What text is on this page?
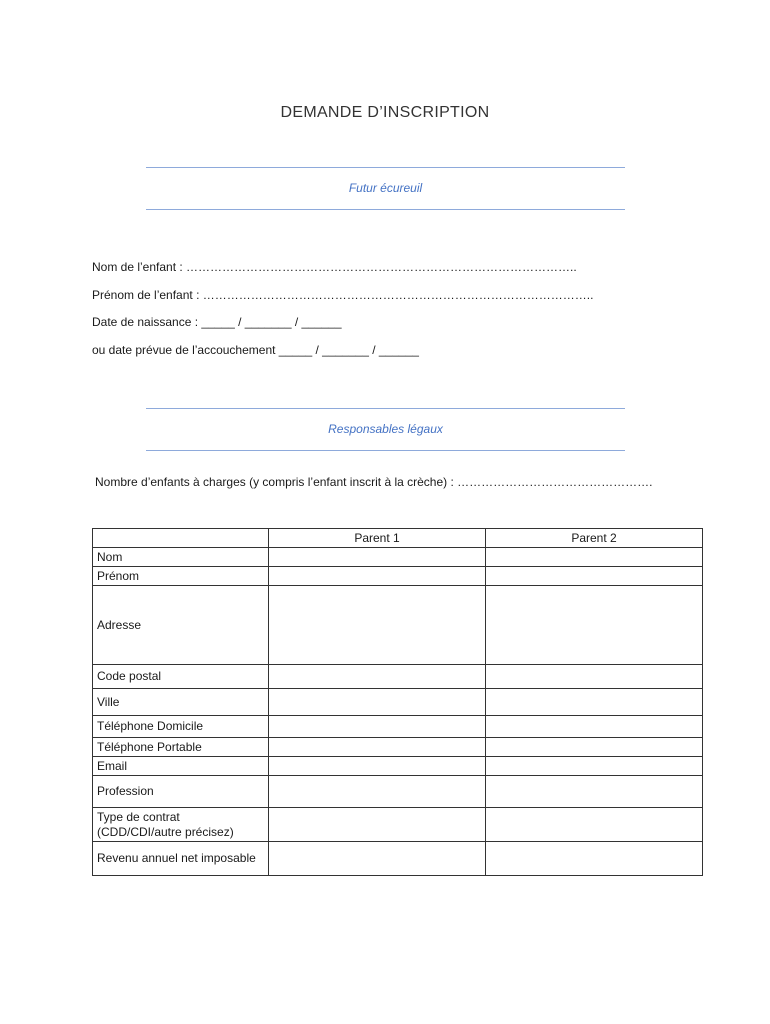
DEMANDE D’INSCRIPTION
Futur écureuil
Nom de l’enfant : ……………………………………………………………………………………..
Prénom de l’enfant : ……………………………………………………………………………………..
Date de naissance : _____ / _______ / ______
ou date prévue de l’accouchement _____ / _______ / ______
Responsables légaux
Nombre d’enfants à charges (y compris l’enfant inscrit à la crèche) : ………………………………………….
	Parent 1	Parent 2
Nom		
Prénom		
Adresse		
Code postal		
Ville		
Téléphone Domicile		
Téléphone Portable		
Email		
Profession		
Type de contrat (CDD/CDI/autre précisez)		
Revenu annuel net imposable		
